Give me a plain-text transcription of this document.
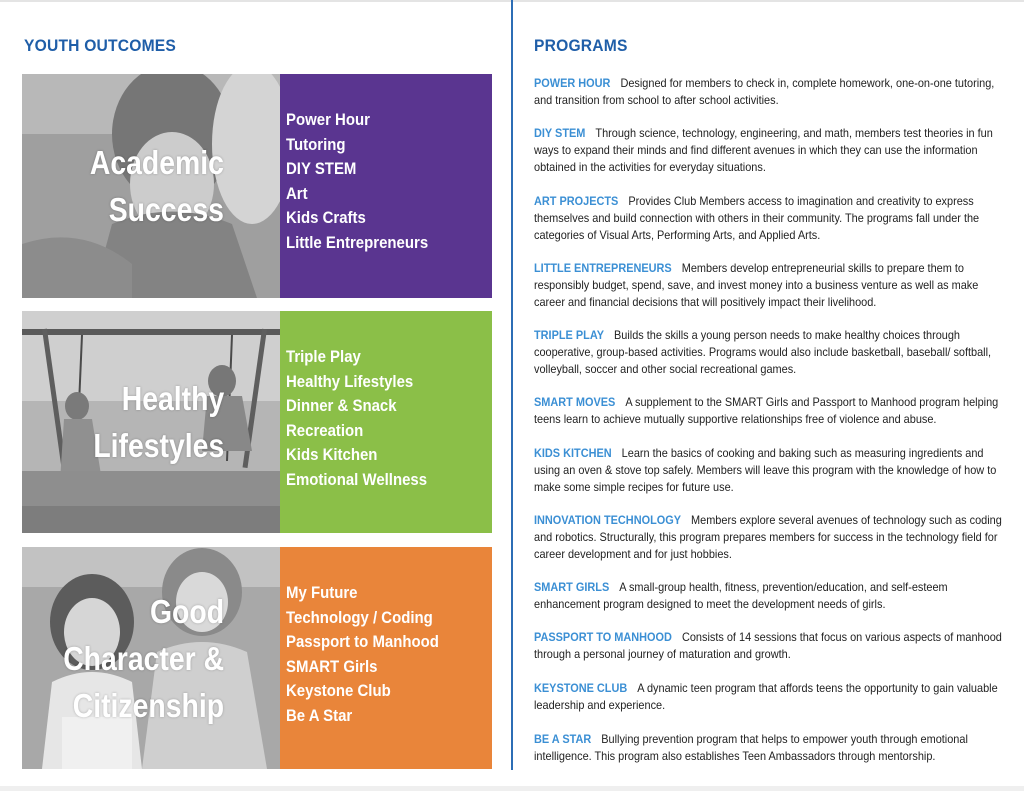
YOUTH OUTCOMES	PROGRAMS
Academic
Success
Power Hour
Tutoring
DIY STEM
Art
Kids Crafts
Little Entrepreneurs
Healthy
Lifestyles
Triple Play
Healthy Lifestyles
Dinner & Snack
Recreation
Kids Kitchen
Emotional Wellness
Good
Character &
Citizenship
My Future
Technology / Coding
Passport to Manhood
SMART Girls
Keystone Club
Be A Star

POWER HOUR Designed for members to check in, complete homework, one-on-one tutoring, and transition from school to after school activities.

DIY STEM Through science, technology, engineering, and math, members test theories in fun ways to expand their minds and find different avenues in which they can use the information obtained in the activities for everyday situations.

ART PROJECTS Provides Club Members access to imagination and creativity to express themselves and build connection with others in their community. The programs fall under the categories of Visual Arts, Performing Arts, and Applied Arts.

LITTLE ENTREPRENEURS Members develop entrepreneurial skills to prepare them to responsibly budget, spend, save, and invest money into a business venture as well as make career and financial decisions that will positively impact their livelihood.

TRIPLE PLAY Builds the skills a young person needs to make healthy choices through cooperative, group-based activities. Programs would also include basketball, baseball/ softball, volleyball, soccer and other social recreational games.

SMART MOVES A supplement to the SMART Girls and Passport to Manhood program helping teens learn to achieve mutually supportive relationships free of violence and abuse.

KIDS KITCHEN Learn the basics of cooking and baking such as measuring ingredients and using an oven & stove top safely. Members will leave this program with the knowledge of how to make some simple recipes for future use.

INNOVATION TECHNOLOGY Members explore several avenues of technology such as coding and robotics. Structurally, this program prepares members for success in the technology field for career development and for just hobbies.

SMART GIRLS A small-group health, fitness, prevention/education, and self-esteem enhancement program designed to meet the development needs of girls.

PASSPORT TO MANHOOD Consists of 14 sessions that focus on various aspects of manhood through a personal journey of maturation and growth.

KEYSTONE CLUB A dynamic teen program that affords teens the opportunity to gain valuable leadership and experience.

BE A STAR Bullying prevention program that helps to empower youth through emotional intelligence. This program also establishes Teen Ambassadors through mentorship.
